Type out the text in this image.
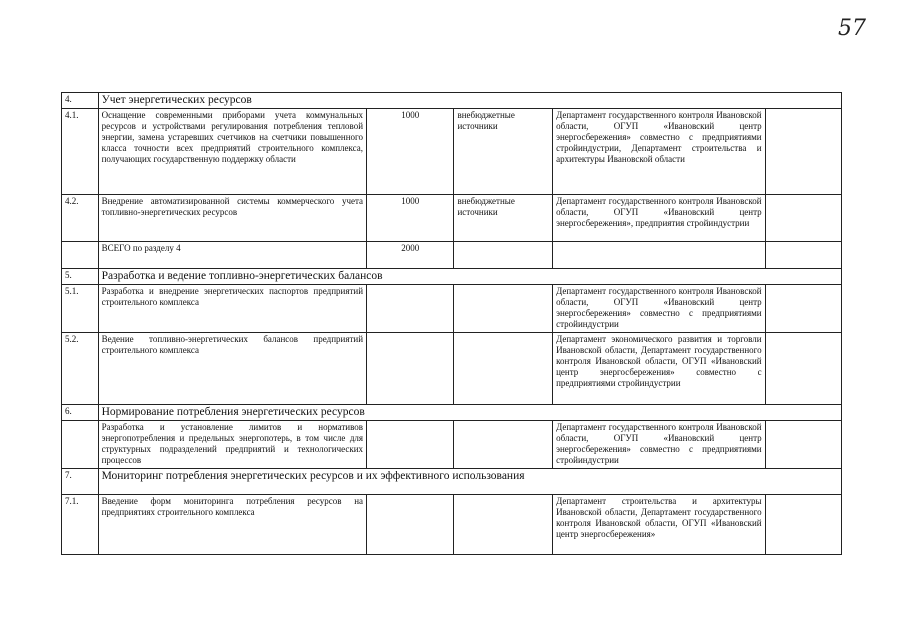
57
4.	Учет энергетических ресурсов				
4.1.	Оснащение современными приборами учета коммунальных ресурсов и устройствами регулирования потребления тепловой энергии, замена устаревших счетчиков на счетчики повышенного класса точности всех предприятий строительного комплекса, получающих государственную поддержку области	1000	внебюджетные источники	Департамент государственного контроля Ивановской области, ОГУП «Ивановский центр энергосбережения» совместно с предприятиями стройиндустрии, Департамент строительства и архитектуры Ивановской области	
4.2.	Внедрение автоматизированной системы коммерческого учета топливно-энергетических ресурсов	1000	внебюджетные источники	Департамент государственного контроля Ивановской области, ОГУП «Ивановский центр энергосбережения», предприятия стройиндустрии	
	ВСЕГО по разделу 4	2000			
5.	Разработка и ведение топливно-энергетических балансов				
5.1.	Разработка и внедрение энергетических паспортов предприятий строительного комплекса			Департамент государственного контроля Ивановской области, ОГУП «Ивановский центр энергосбережения» совместно с предприятиями стройиндустрии	
5.2.	Ведение топливно-энергетических балансов предприятий строительного комплекса			Департамент экономического развития и торговли Ивановской области, Департамент государственного контроля Ивановской области, ОГУП «Ивановский центр энергосбережения» совместно с предприятиями стройиндустрии	
6.	Нормирование потребления энергетических ресурсов				
	Разработка и установление лимитов и нормативов энергопотребления и предельных энергопотерь, в том числе для структурных подразделений предприятий и технологических процессов			Департамент государственного контроля Ивановской области, ОГУП «Ивановский центр энергосбережения» совместно с предприятиями стройиндустрии	
7.	Мониторинг потребления энергетических ресурсов и их эффективного использования				
7.1.	Введение форм мониторинга потребления ресурсов на предприятиях строительного комплекса			Департамент строительства и архитектуры Ивановской области, Департамент государственного контроля Ивановской области, ОГУП «Ивановский центр энергосбережения»	
